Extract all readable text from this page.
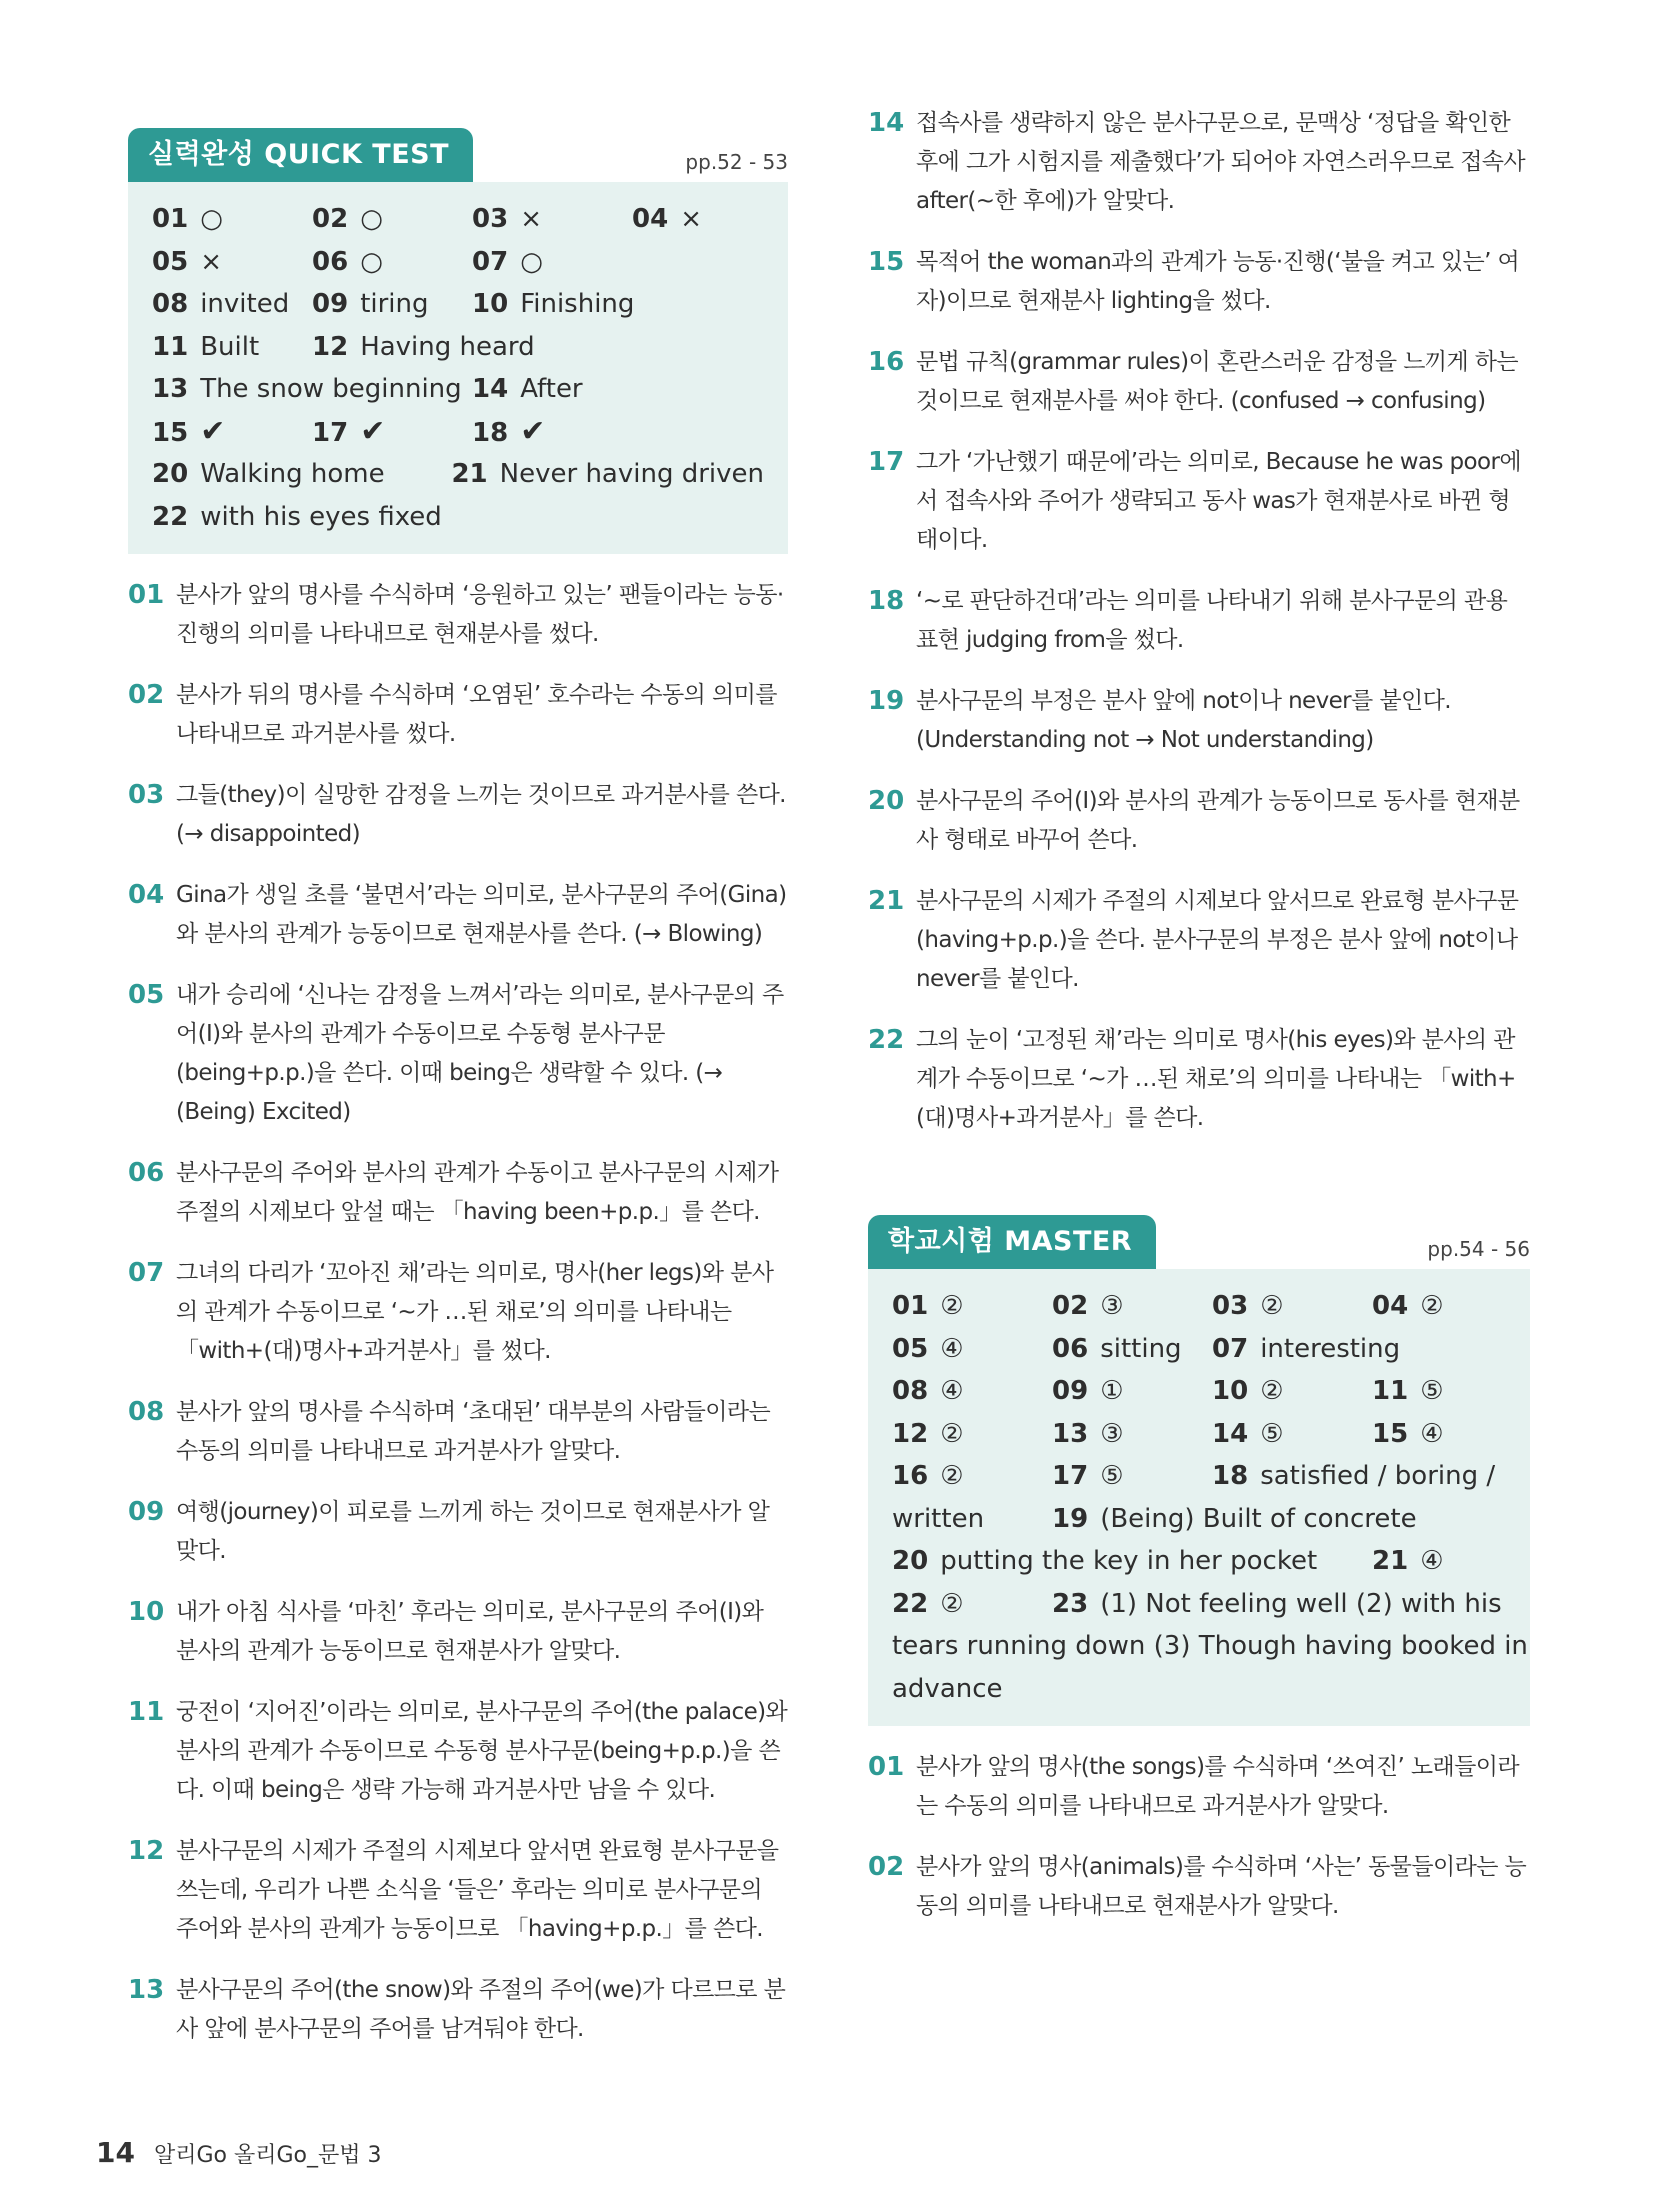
실력완성 QUICK TEST	pp.52 - 53
01 ○	02 ○	03 ×	04 ×
05 ×	06 ○	07 ○
08 invited 09 tiring 10 Finishing
11 Built 12 Having heard
13 The snow beginning 14 After
15 ✔	17 ✔	18 ✔
20 Walking home	21 Never having driven
22 with his eyes fixed
01 분사가 앞의 명사를 수식하며 ‘응원하고 있는’ 팬들이라는 능동·진행의 의미를 나타내므로 현재분사를 썼다.
02 분사가 뒤의 명사를 수식하며 ‘오염된’ 호수라는 수동의 의미를 나타내므로 과거분사를 썼다.
03 그들(they)이 실망한 감정을 느끼는 것이므로 과거분사를 쓴다. (→ disappointed)
04 Gina가 생일 초를 ‘불면서’라는 의미로, 분사구문의 주어(Gina)와 분사의 관계가 능동이므로 현재분사를 쓴다. (→ Blowing)
05 내가 승리에 ‘신나는 감정을 느껴서’라는 의미로, 분사구문의 주어(I)와 분사의 관계가 수동이므로 수동형 분사구문(being+p.p.)을 쓴다. 이때 being은 생략할 수 있다. (→ (Being) Excited)
06 분사구문의 주어와 분사의 관계가 수동이고 분사구문의 시제가 주절의 시제보다 앞설 때는 「having been+p.p.」를 쓴다.
07 그녀의 다리가 ‘꼬아진 채’라는 의미로, 명사(her legs)와 분사의 관계가 수동이므로 ‘~가 …된 채로’의 의미를 나타내는 「with+(대)명사+과거분사」를 썼다.
08 분사가 앞의 명사를 수식하며 ‘초대된’ 대부분의 사람들이라는 수동의 의미를 나타내므로 과거분사가 알맞다.
09 여행(journey)이 피로를 느끼게 하는 것이므로 현재분사가 알맞다.
10 내가 아침 식사를 ‘마친’ 후라는 의미로, 분사구문의 주어(I)와 분사의 관계가 능동이므로 현재분사가 알맞다.
11 궁전이 ‘지어진’이라는 의미로, 분사구문의 주어(the palace)와 분사의 관계가 수동이므로 수동형 분사구문(being+p.p.)을 쓴다. 이때 being은 생략 가능해 과거분사만 남을 수 있다.
12 분사구문의 시제가 주절의 시제보다 앞서면 완료형 분사구문을 쓰는데, 우리가 나쁜 소식을 ‘들은’ 후라는 의미로 분사구문의 주어와 분사의 관계가 능동이므로 「having+p.p.」를 쓴다.
13 분사구문의 주어(the snow)와 주절의 주어(we)가 다르므로 분사 앞에 분사구문의 주어를 남겨둬야 한다.
14 접속사를 생략하지 않은 분사구문으로, 문맥상 ‘정답을 확인한 후에 그가 시험지를 제출했다’가 되어야 자연스러우므로 접속사 after(~한 후에)가 알맞다.
15 목적어 the woman과의 관계가 능동·진행(‘불을 켜고 있는’ 여자)이므로 현재분사 lighting을 썼다.
16 문법 규칙(grammar rules)이 혼란스러운 감정을 느끼게 하는 것이므로 현재분사를 써야 한다. (confused → confusing)
17 그가 ‘가난했기 때문에’라는 의미로, Because he was poor에서 접속사와 주어가 생략되고 동사 was가 현재분사로 바뀐 형태이다.
18 ‘~로 판단하건대’라는 의미를 나타내기 위해 분사구문의 관용 표현 judging from을 썼다.
19 분사구문의 부정은 분사 앞에 not이나 never를 붙인다. (Understanding not → Not understanding)
20 분사구문의 주어(I)와 분사의 관계가 능동이므로 동사를 현재분사 형태로 바꾸어 쓴다.
21 분사구문의 시제가 주절의 시제보다 앞서므로 완료형 분사구문(having+p.p.)을 쓴다. 분사구문의 부정은 분사 앞에 not이나 never를 붙인다.
22 그의 눈이 ‘고정된 채’라는 의미로 명사(his eyes)와 분사의 관계가 수동이므로 ‘~가 …된 채로’의 의미를 나타내는 「with+(대)명사+과거분사」를 쓴다.
학교시험 MASTER	pp.54 - 56
01 ②	02 ③	03 ②	04 ②
05 ④	06 sitting 07 interesting
08 ④	09 ①	10 ②	11 ⑤
12 ②	13 ③	14 ⑤	15 ④
16 ②	17 ⑤	18 satisfied / boring /
written	19 (Being) Built of concrete
20 putting the key in her pocket 21 ④
22 ②	23 (1) Not feeling well (2) with his
tears running down (3) Though having booked in
advance
01 분사가 앞의 명사(the songs)를 수식하며 ‘쓰여진’ 노래들이라는 수동의 의미를 나타내므로 과거분사가 알맞다.
02 분사가 앞의 명사(animals)를 수식하며 ‘사는’ 동물들이라는 능동의 의미를 나타내므로 현재분사가 알맞다.
14 알리Go 올리Go_문법 3
